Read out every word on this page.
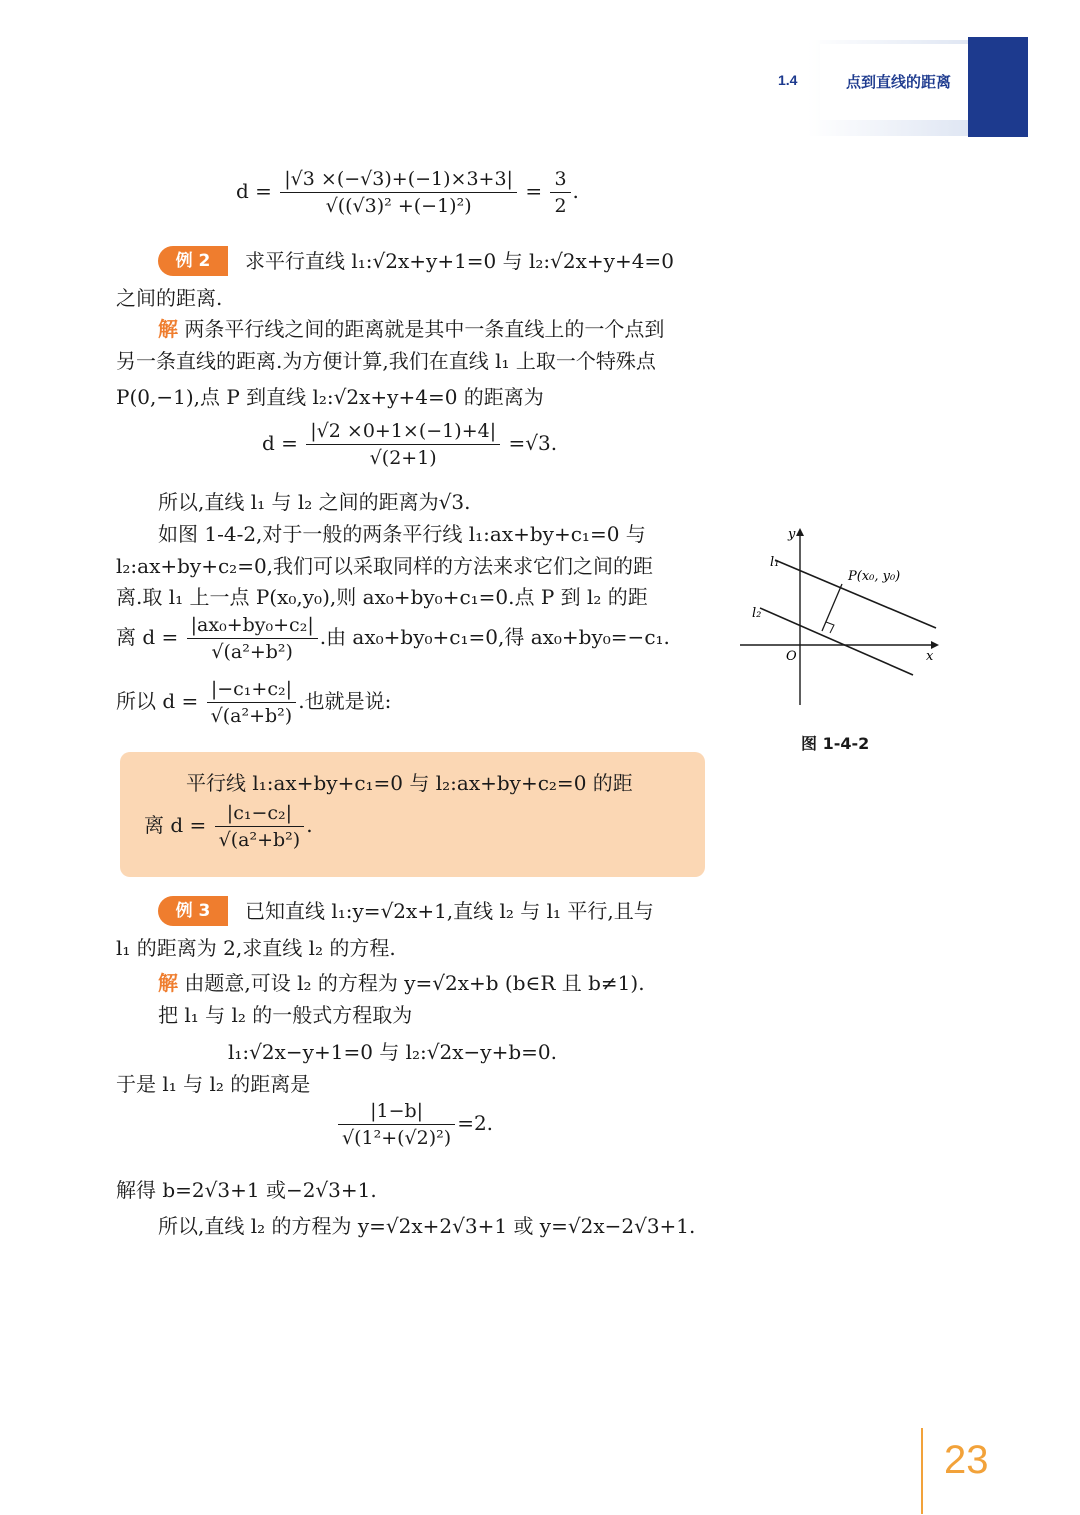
1.4	点到直线的距离
$d = \frac{|√3 \times(-√3)+(-1)\times 3+3|}{\text{√((√3)² +(−1)²)}} = \frac{3}{2}$ .
例 2	求平行直线 l₁:√2x+y+1=0 与 l₂:√2x+y+4=0
之间的距离.
解 两条平行线之间的距离就是其中一条直线上的一个点到
另一条直线的距离.为方便计算,我们在直线 l₁ 上取一个特殊点
P(0,−1),点 P 到直线 l₂:√2x+y+4=0 的距离为
$d = \frac{|√2 \times 0+1\times(-1)+4|}{√(2+1)} =√3$.
所以,直线 l₁ 与 l₂ 之间的距离为√3.
如图 1-4-2,对于一般的两条平行线 l₁:ax+by+c₁=0 与
l₂:ax+by+c₂=0,我们可以采取同样的方法来求它们之间的距
离.取 l₁ 上一点 P(x₀,y₀),则 ax₀+by₀+c₁=0.点 P 到 l₂ 的距
离 $d = \frac{\text{|ax₀+by₀+c₂|}}{\text{√(a²+b²)}}$ .由 ax₀+by₀+c₁=0,得 ax₀+by₀=−c₁.
所以 $d = \frac{\text{|−c₁+c₂|}}{\text{√(a²+b²)}}$ .也就是说:
平行线 l₁:ax+by+c₁=0 与 l₂:ax+by+c₂=0 的距
离 $d = \frac{\text{|c₁−c₂|}}{\text{√(a²+b²)}}$ .
y
x
O
l₁
l₂
P(x₀, y₀)
图 1-4-2
例 3	已知直线 l₁:y=√2x+1,直线 l₂ 与 l₁ 平行,且与
l₁ 的距离为 2,求直线 l₂ 的方程.
解 由题意,可设 l₂ 的方程为 y=√2x+b (b∈R 且 b≠1).
把 l₁ 与 l₂ 的一般式方程取为
l₁:√2x−y+1=0 与 l₂:√2x−y+b=0.
于是 l₁ 与 l₂ 的距离是
$\frac{|1-b|}{\text{√(1²+(√2)²)}} =2$.
解得 b=2√3+1 或−2√3+1.
所以,直线 l₂ 的方程为 y=√2x+2√3+1 或 y=√2x−2√3+1.
23
